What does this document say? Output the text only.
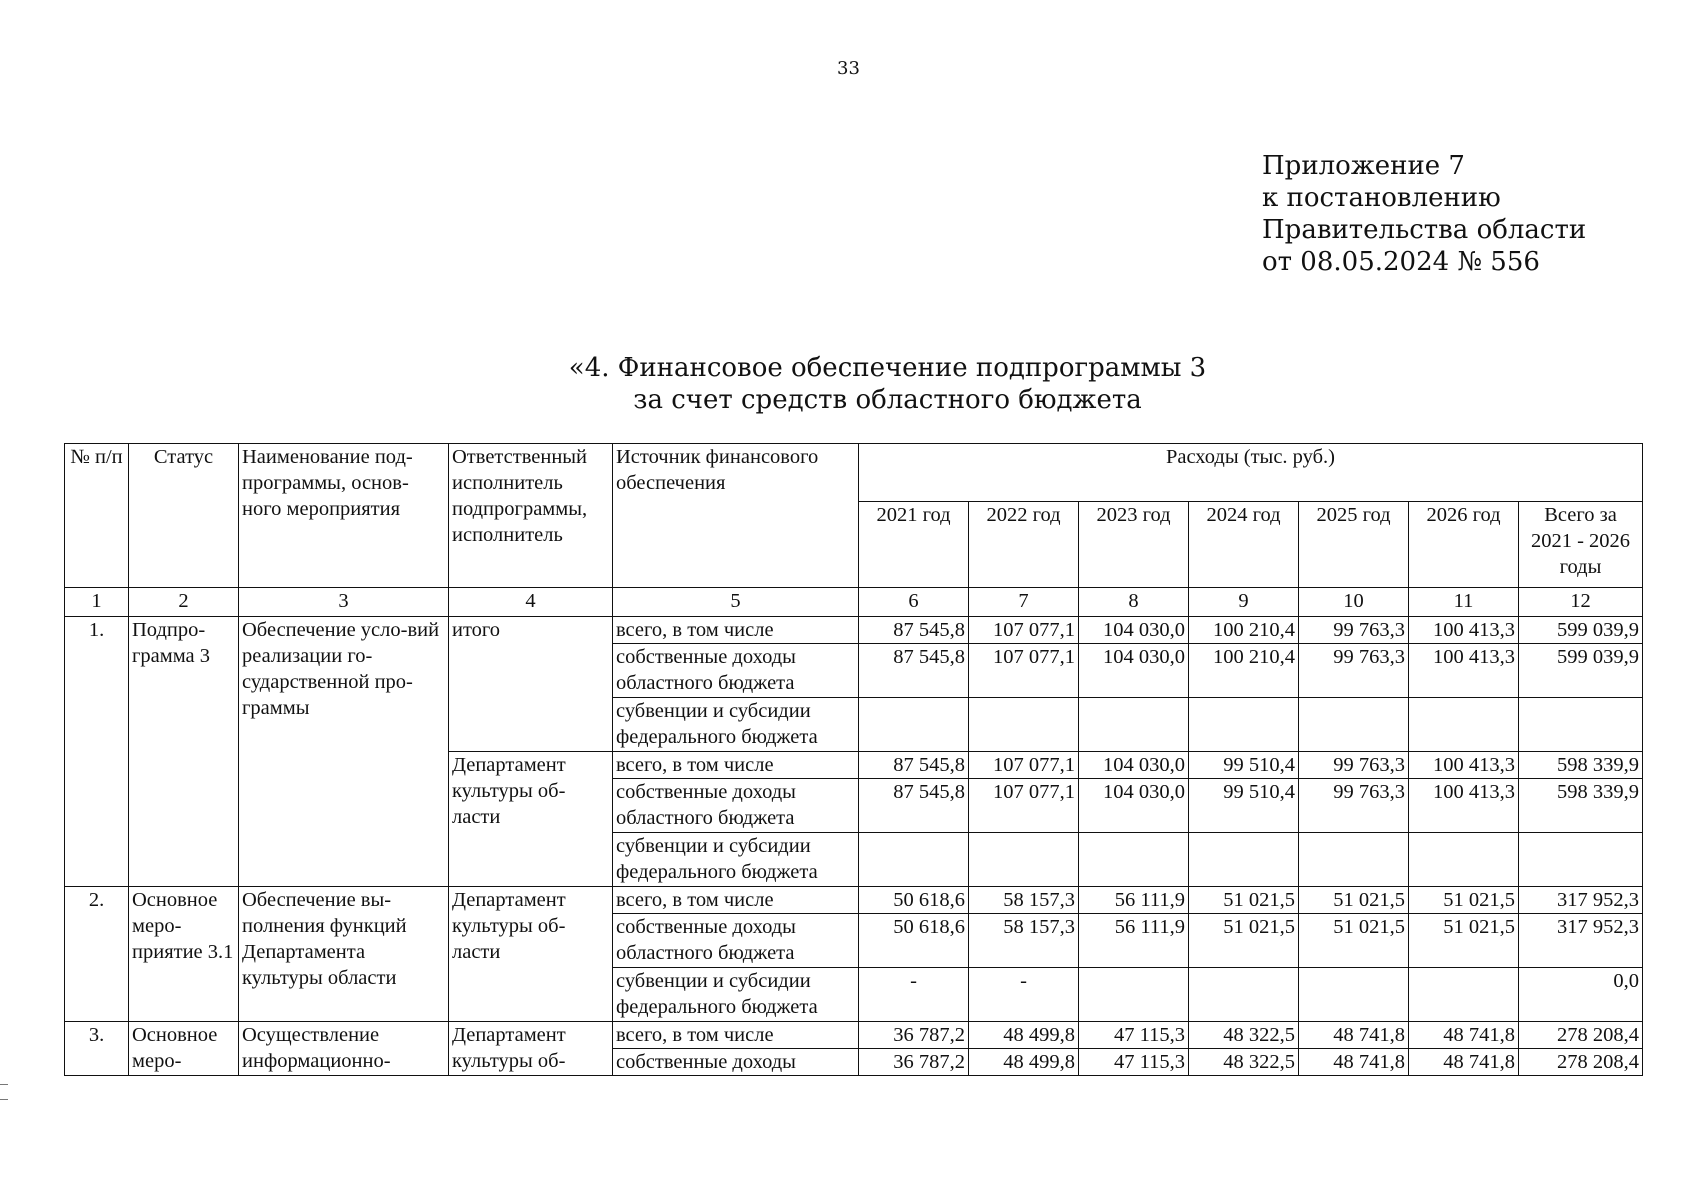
33
Приложение 7
к постановлению
Правительства области
от 08.05.2024 № 556
«4. Финансовое обеспечение подпрограммы 3
за счет средств областного бюджета
№ п/п	Статус	Наименование под-программы, основ-ного мероприятия	Ответственный исполнитель подпрограммы, исполнитель	Источник финансового обеспечения	Расходы (тыс. руб.)						
					2021 год	2022 год	2023 год	2024 год	2025 год	2026 год	Всего за 2021 - 2026 годы
1	2	3	4	5	6	7	8	9	10	11	12
1.	Подпро-грамма 3	Обеспечение усло-вий реализации го-сударственной про-граммы	итого	всего, в том числе	87 545,8	107 077,1	104 030,0	100 210,4	99 763,3	100 413,3	599 039,9
				собственные доходы областного бюджета	87 545,8	107 077,1	104 030,0	100 210,4	99 763,3	100 413,3	599 039,9
				субвенции и субсидии федерального бюджета							
			Департамент культуры об-ласти	всего, в том числе	87 545,8	107 077,1	104 030,0	99 510,4	99 763,3	100 413,3	598 339,9
				собственные доходы областного бюджета	87 545,8	107 077,1	104 030,0	99 510,4	99 763,3	100 413,3	598 339,9
				субвенции и субсидии федерального бюджета							
2.	Основное меро-приятие 3.1	Обеспечение вы-полнения функций Департамента культуры области	Департамент культуры об-ласти	всего, в том числе	50 618,6	58 157,3	56 111,9	51 021,5	51 021,5	51 021,5	317 952,3
				собственные доходы областного бюджета	50 618,6	58 157,3	56 111,9	51 021,5	51 021,5	51 021,5	317 952,3
				субвенции и субсидии федерального бюджета	-	-					0,0
3.	Основное меро-	Осуществление информационно-	Департамент культуры об-	всего, в том числе	36 787,2	48 499,8	47 115,3	48 322,5	48 741,8	48 741,8	278 208,4
				собственные доходы	36 787,2	48 499,8	47 115,3	48 322,5	48 741,8	48 741,8	278 208,4
